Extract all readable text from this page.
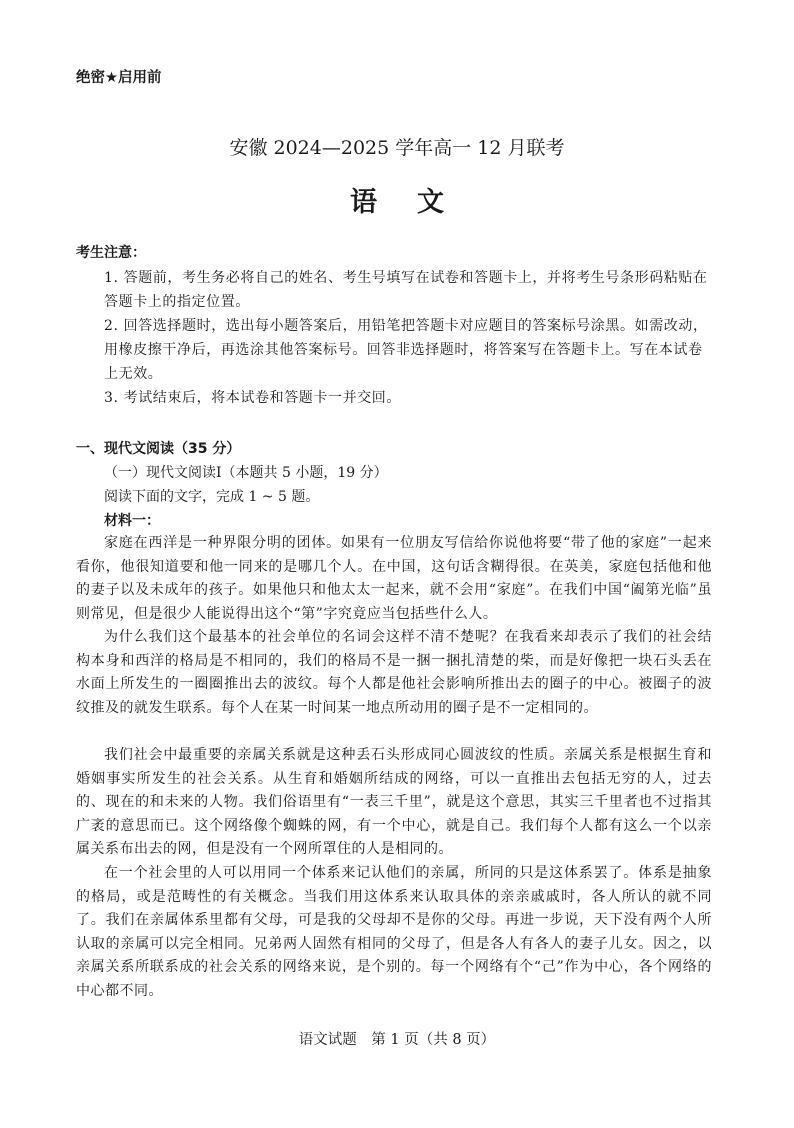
绝密★启用前
安徽 2024—2025 学年高一 12 月联考
语文
考生注意：
1. 答题前，考生务必将自己的姓名、考生号填写在试卷和答题卡上，并将考生号条形码粘贴在答题卡上的指定位置。
2. 回答选择题时，选出每小题答案后，用铅笔把答题卡对应题目的答案标号涂黑。如需改动，用橡皮擦干净后，再选涂其他答案标号。回答非选择题时，将答案写在答题卡上。写在本试卷上无效。
3. 考试结束后，将本试卷和答题卡一并交回。
一、现代文阅读（35 分）
（一）现代文阅读Ⅰ（本题共 5 小题，19 分）
阅读下面的文字，完成 1 ~ 5 题。
材料一：
家庭在西洋是一种界限分明的团体。如果有一位朋友写信给你说他将要“带了他的家庭”一起来看你，他很知道要和他一同来的是哪几个人。在中国，这句话含糊得很。在英美，家庭包括他和他的妻子以及未成年的孩子。如果他只和他太太一起来，就不会用“家庭”。在我们中国“阖第光临”虽则常见，但是很少人能说得出这个“第”字究竟应当包括些什么人。
为什么我们这个最基本的社会单位的名词会这样不清不楚呢？在我看来却表示了我们的社会结构本身和西洋的格局是不相同的，我们的格局不是一捆一捆扎清楚的柴，而是好像把一块石头丢在水面上所发生的一圈圈推出去的波纹。每个人都是他社会影响所推出去的圈子的中心。被圈子的波纹推及的就发生联系。每个人在某一时间某一地点所动用的圈子是不一定相同的。
我们社会中最重要的亲属关系就是这种丢石头形成同心圆波纹的性质。亲属关系是根据生育和婚姻事实所发生的社会关系。从生育和婚姻所结成的网络，可以一直推出去包括无穷的人，过去的、现在的和未来的人物。我们俗语里有“一表三千里”，就是这个意思，其实三千里者也不过指其广袤的意思而已。这个网络像个蜘蛛的网，有一个中心，就是自己。我们每个人都有这么一个以亲属关系布出去的网，但是没有一个网所罩住的人是相同的。
在一个社会里的人可以用同一个体系来记认他们的亲属，所同的只是这体系罢了。体系是抽象的格局，或是范畴性的有关概念。当我们用这体系来认取具体的亲亲戚戚时，各人所认的就不同了。我们在亲属体系里都有父母，可是我的父母却不是你的父母。再进一步说，天下没有两个人所认取的亲属可以完全相同。兄弟两人固然有相同的父母了，但是各人有各人的妻子儿女。因之，以亲属关系所联系成的社会关系的网络来说，是个别的。每一个网络有个“己”作为中心，各个网络的中心都不同。
语文试题　第 1 页（共 8 页）
